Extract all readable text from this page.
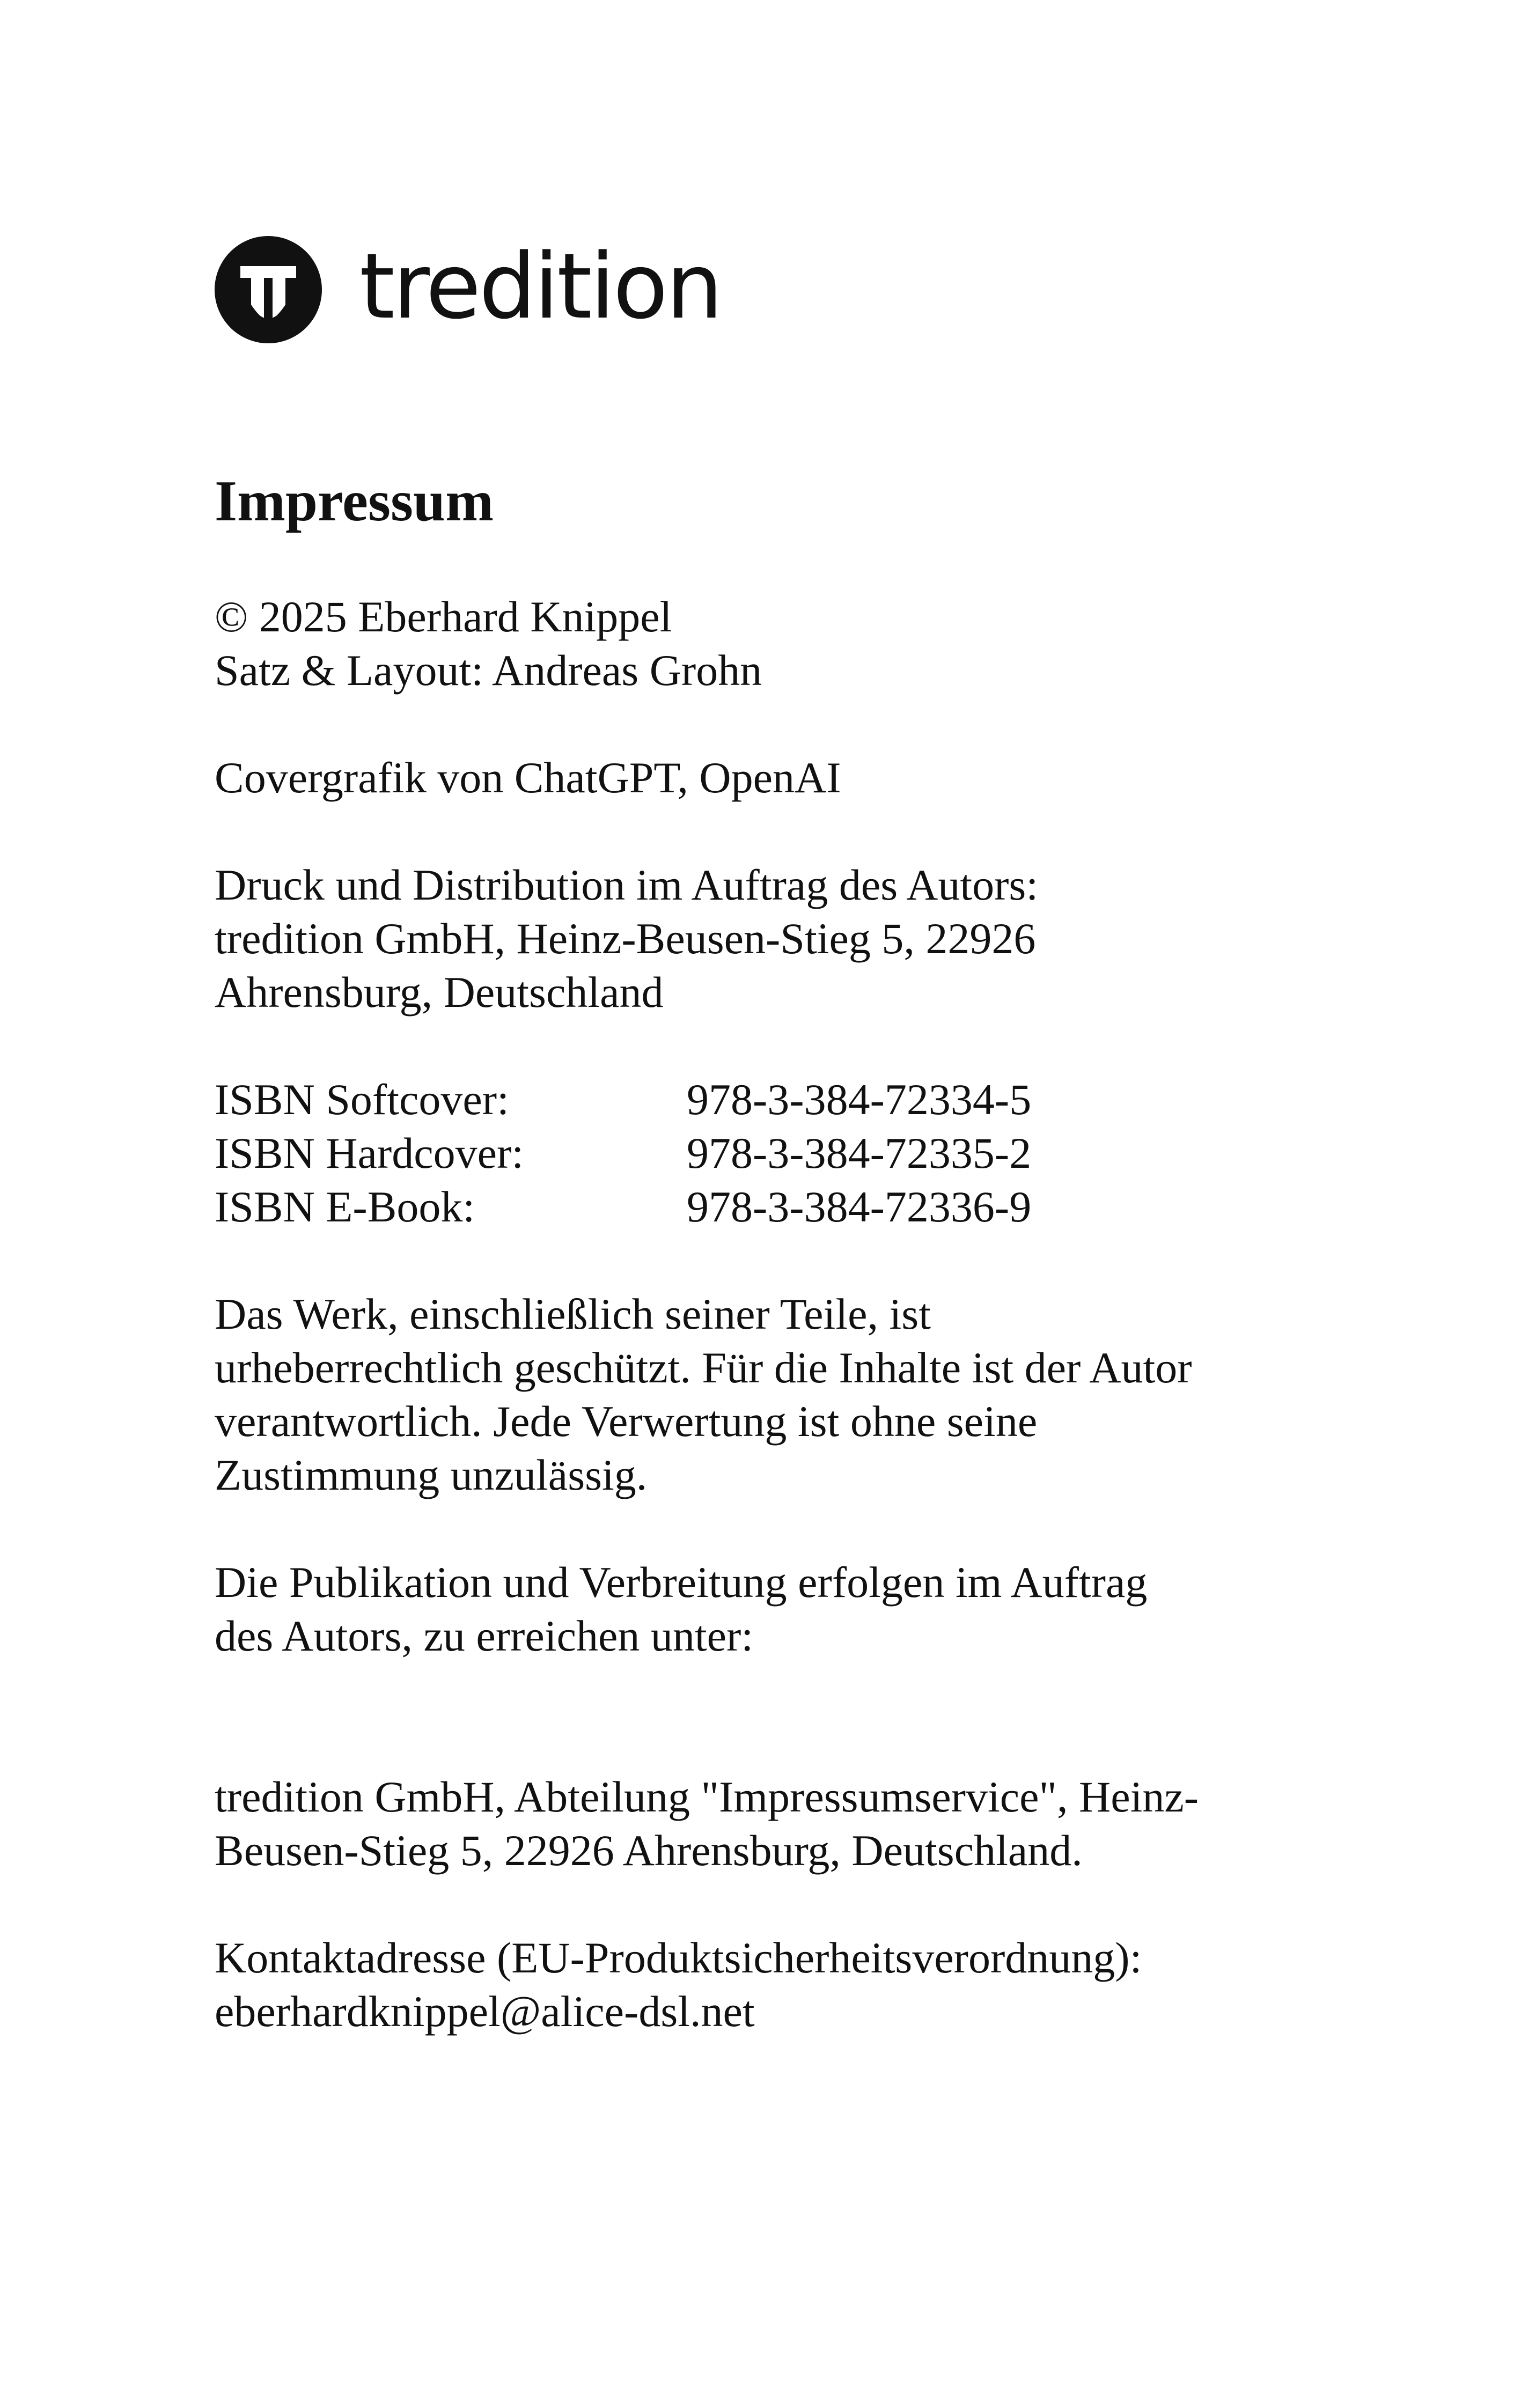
tredition
Impressum

© 2025 Eberhard Knippel
Satz & Layout: Andreas Grohn

Covergrafik von ChatGPT, OpenAI

Druck und Distribution im Auftrag des Autors:
tredition GmbH, Heinz-Beusen-Stieg 5, 22926
Ahrensburg, Deutschland

ISBN Softcover:	978-3-384-72334-5
ISBN Hardcover:	978-3-384-72335-2
ISBN E-Book:	978-3-384-72336-9

Das Werk, einschließlich seiner Teile, ist
urheberrechtlich geschützt. Für die Inhalte ist der Autor
verantwortlich. Jede Verwertung ist ohne seine
Zustimmung unzulässig.

Die Publikation und Verbreitung erfolgen im Auftrag
des Autors, zu erreichen unter:

tredition GmbH, Abteilung "Impressumservice", Heinz-
Beusen-Stieg 5, 22926 Ahrensburg, Deutschland.

Kontaktadresse (EU-Produktsicherheitsverordnung):
eberhardknippel@alice-dsl.net
